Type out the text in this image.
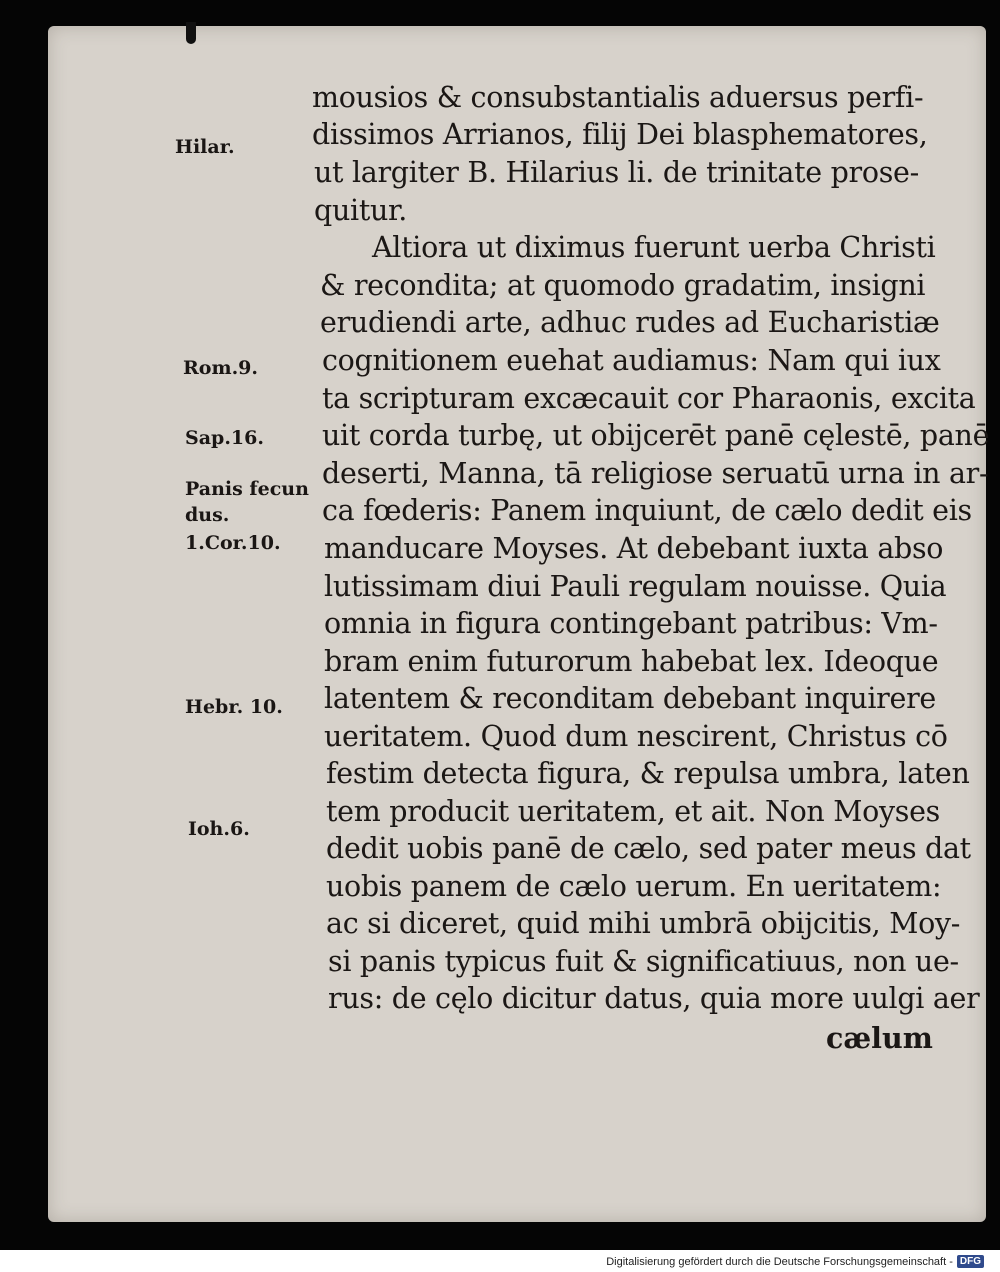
Hilar.
Rom.9.
Sap.16.
Panis fecun
dus.
1.Cor.10.
Hebr. 10.
Ioh.6.
mousios & consubstantialis aduersus perfi-
dissimos Arrianos, filij Dei blasphematores,
ut largiter B. Hilarius li. de trinitate prose-
quitur.
Altiora ut diximus fuerunt uerba Christi
& recondita; at quomodo gradatim, insigni
erudiendi arte, adhuc rudes ad Eucharistiæ
cognitionem euehat audiamus: Nam qui iux
ta scripturam excæcauit cor Pharaonis, excita
uit corda turbę, ut obijcerēt panē cęlestē, panē
deserti, Manna, tā religiose seruatū urna in ar-
ca fœderis: Panem inquiunt, de cælo dedit eis
manducare Moyses. At debebant iuxta abso
lutissimam diui Pauli regulam nouisse. Quia
omnia in figura contingebant patribus: Vm-
bram enim futurorum habebat lex. Ideoque
latentem & reconditam debebant inquirere
ueritatem. Quod dum nescirent, Christus cō
festim detecta figura, & repulsa umbra, laten
tem producit ueritatem, et ait. Non Moyses
dedit uobis panē de cælo, sed pater meus dat
uobis panem de cælo uerum. En ueritatem:
ac si diceret, quid mihi umbrā obijcitis, Moy-
si panis typicus fuit & significatiuus, non ue-
rus: de cęlo dicitur datus, quia more uulgi aer
cælum
Digitalisierung gefördert durch die Deutsche Forschungsgemeinschaft - DFG
